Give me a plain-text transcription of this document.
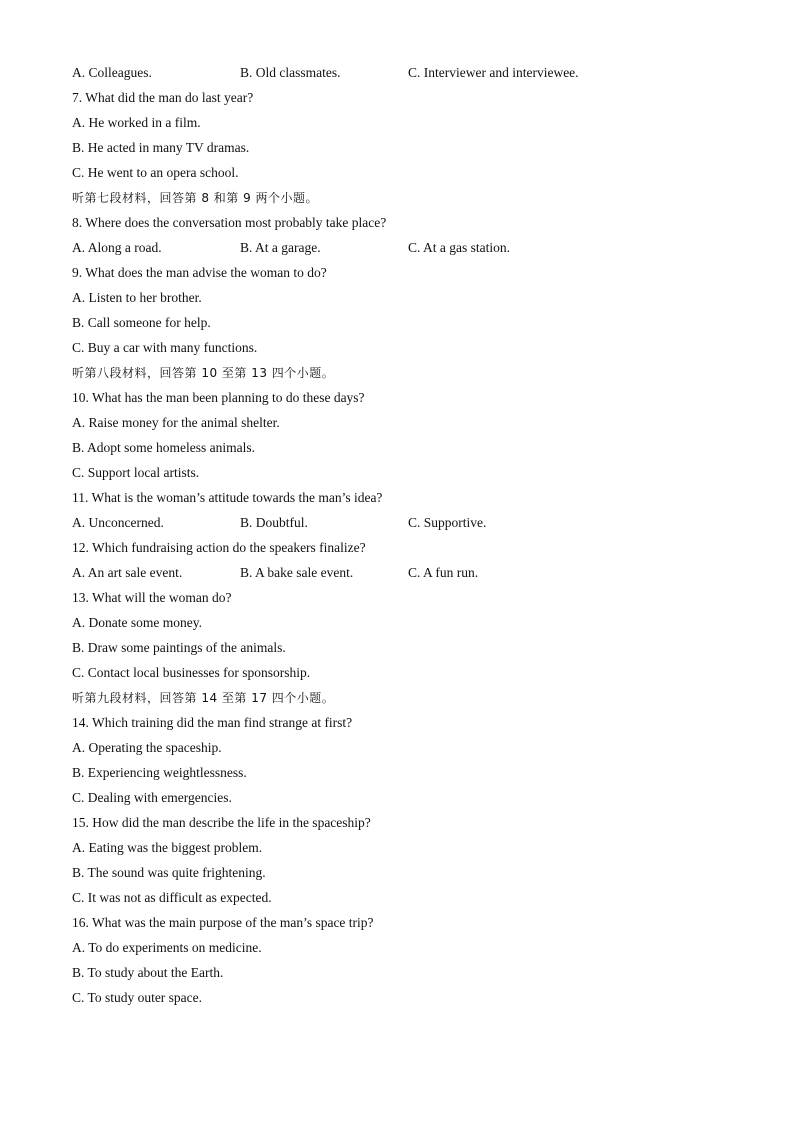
A. Colleagues.	B. Old classmates.	C. Interviewer and interviewee.
7. What did the man do last year?
A. He worked in a film.
B. He acted in many TV dramas.
C. He went to an opera school.
听第七段材料，回答第 8 和第 9 两个小题。
8. Where does the conversation most probably take place?
A. Along a road.	B. At a garage.	C. At a gas station.
9. What does the man advise the woman to do?
A. Listen to her brother.
B. Call someone for help.
C. Buy a car with many functions.
听第八段材料，回答第 10 至第 13 四个小题。
10. What has the man been planning to do these days?
A. Raise money for the animal shelter.
B. Adopt some homeless animals.
C. Support local artists.
11. What is the woman’s attitude towards the man’s idea?
A. Unconcerned.	B. Doubtful.	C. Supportive.
12. Which fundraising action do the speakers finalize?
A. An art sale event.	B. A bake sale event.	C. A fun run.
13. What will the woman do?
A. Donate some money.
B. Draw some paintings of the animals.
C. Contact local businesses for sponsorship.
听第九段材料，回答第 14 至第 17 四个小题。
14. Which training did the man find strange at first?
A. Operating the spaceship.
B. Experiencing weightlessness.
C. Dealing with emergencies.
15. How did the man describe the life in the spaceship?
A. Eating was the biggest problem.
B. The sound was quite frightening.
C. It was not as difficult as expected.
16. What was the main purpose of the man’s space trip?
A. To do experiments on medicine.
B. To study about the Earth.
C. To study outer space.
